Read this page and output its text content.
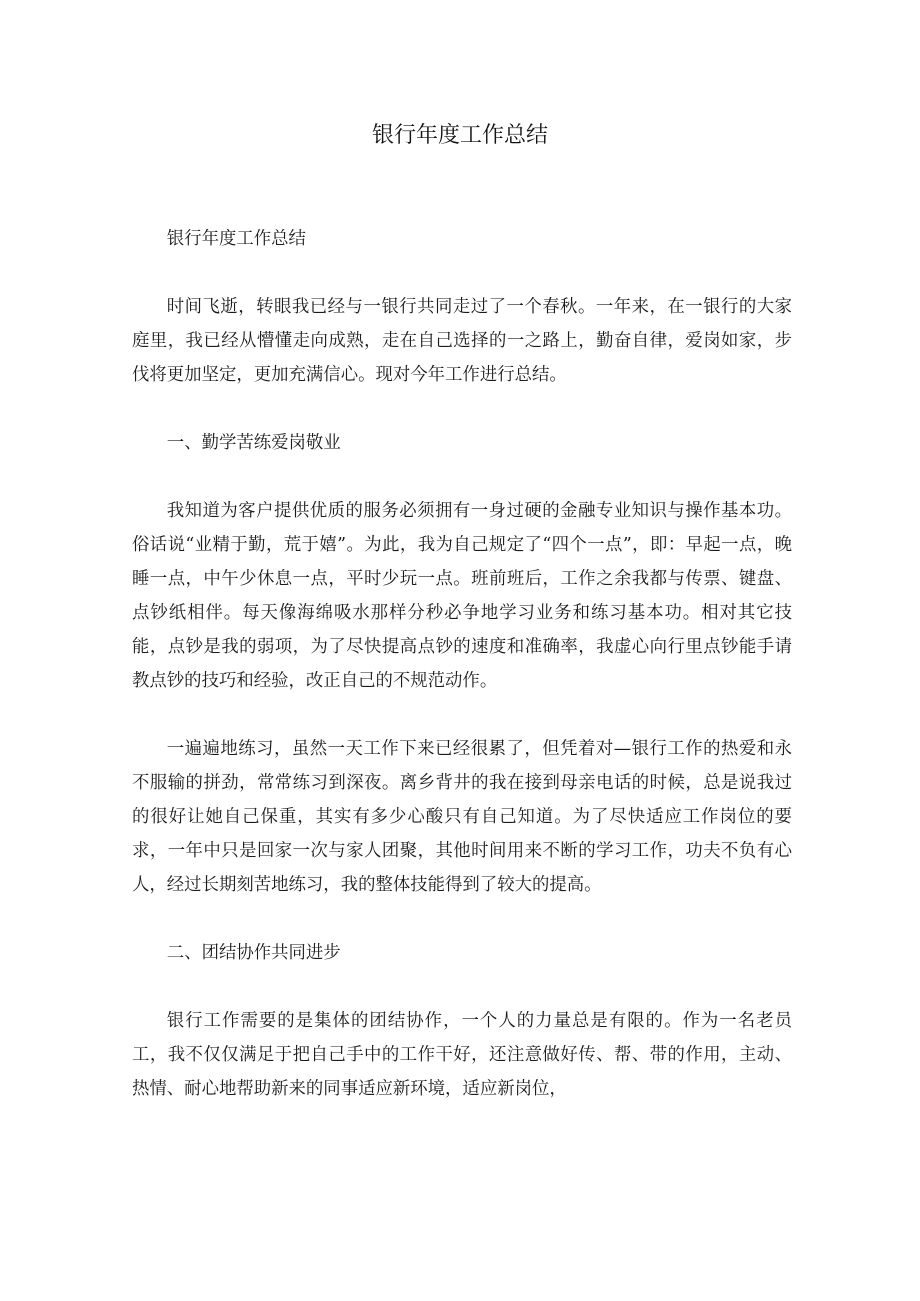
银行年度工作总结

银行年度工作总结

时间飞逝，转眼我已经与一银行共同走过了一个春秋。一年来，在一银行的大家庭里，我已经从懵懂走向成熟，走在自己选择的一之路上，勤奋自律，爱岗如家，步伐将更加坚定，更加充满信心。现对今年工作进行总结。

一、勤学苦练爱岗敬业

我知道为客户提供优质的服务必须拥有一身过硬的金融专业知识与操作基本功。俗话说“业精于勤，荒于嬉”。为此，我为自己规定了“四个一点”，即：早起一点，晚睡一点，中午少休息一点，平时少玩一点。班前班后，工作之余我都与传票、键盘、点钞纸相伴。每天像海绵吸水那样分秒必争地学习业务和练习基本功。相对其它技能，点钞是我的弱项，为了尽快提高点钞的速度和准确率，我虚心向行里点钞能手请教点钞的技巧和经验，改正自己的不规范动作。

一遍遍地练习，虽然一天工作下来已经很累了，但凭着对—银行工作的热爱和永不服输的拼劲，常常练习到深夜。离乡背井的我在接到母亲电话的时候，总是说我过的很好让她自己保重，其实有多少心酸只有自己知道。为了尽快适应工作岗位的要求，一年中只是回家一次与家人团聚，其他时间用来不断的学习工作，功夫不负有心人，经过长期刻苦地练习，我的整体技能得到了较大的提高。

二、团结协作共同进步

银行工作需要的是集体的团结协作，一个人的力量总是有限的。作为一名老员工，我不仅仅满足于把自己手中的工作干好，还注意做好传、帮、带的作用，主动、热情、耐心地帮助新来的同事适应新环境，适应新岗位，
